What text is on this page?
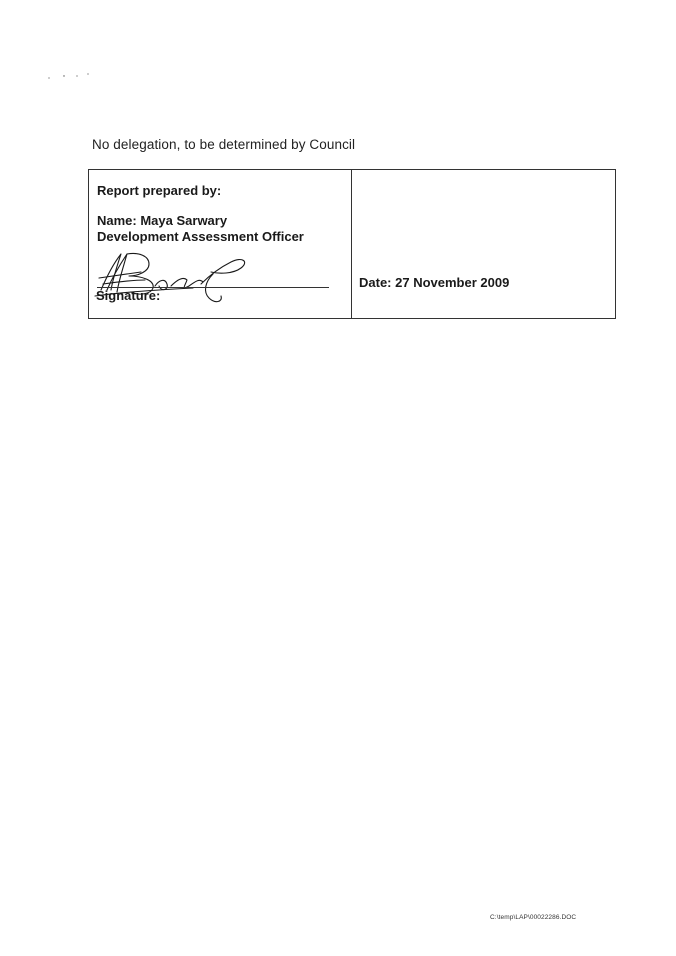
No delegation, to be determined by Council
Report prepared by:
Name: Maya Sarwary
Development Assessment Officer
Signature:
Date: 27 November 2009
C:\temp\LAP\00022286.DOC
